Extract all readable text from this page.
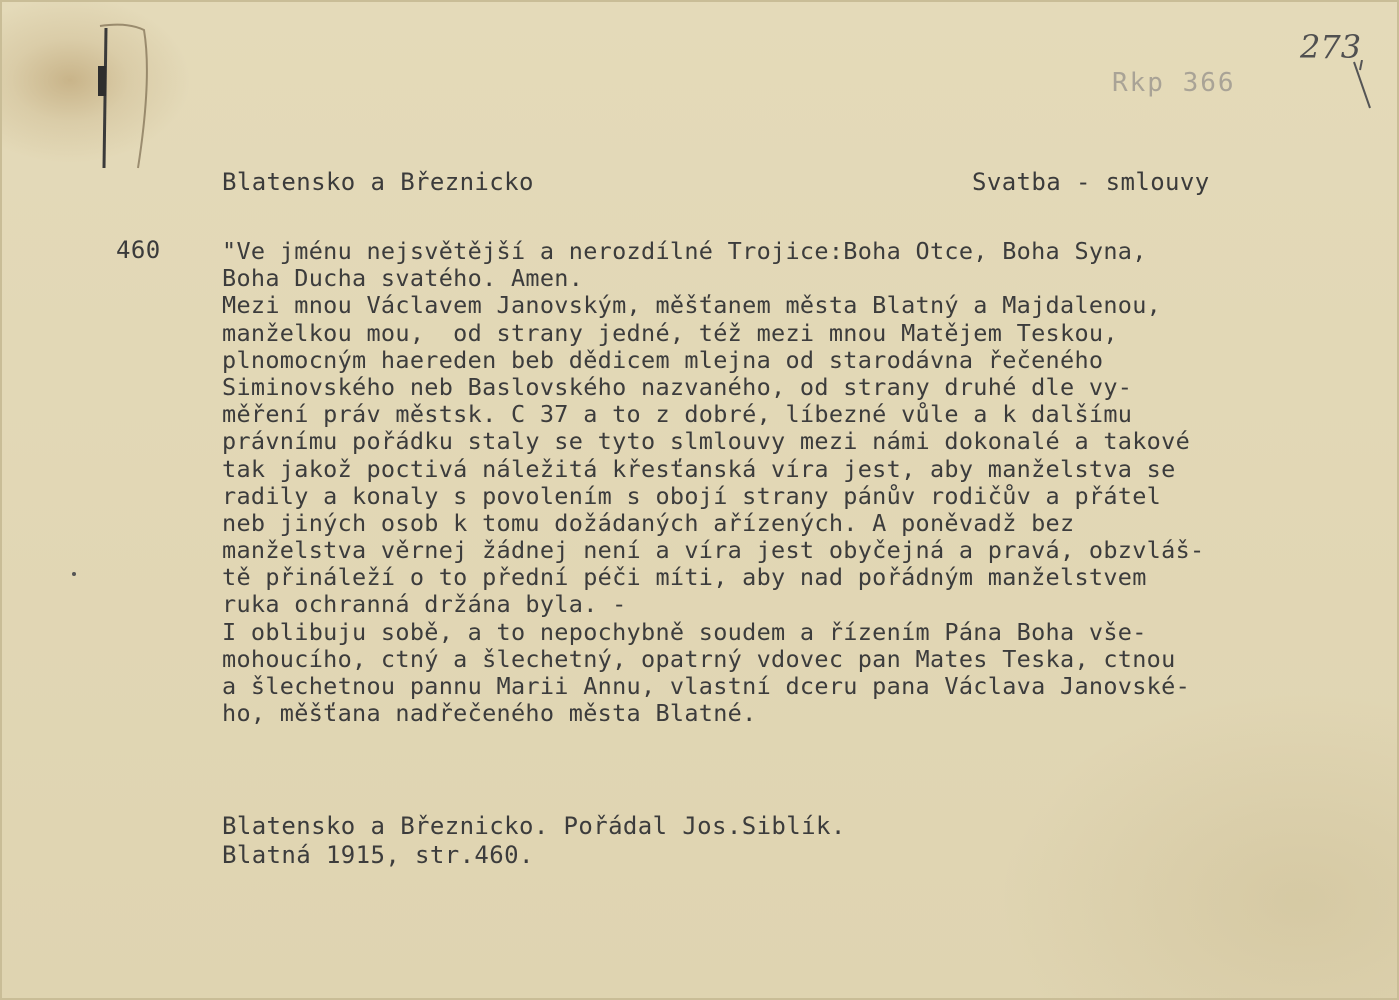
273
Rkp 366
Blatensko a Březnicko	Svatba - smlouvy
460	"Ve jménu nejsvětější a nerozdílné Trojice:Boha Otce, Boha Syna,
Boha Ducha svatého. Amen.
Mezi mnou Václavem Janovským, měšťanem města Blatný a Majdalenou,
manželkou mou,  od strany jedné, též mezi mnou Matějem Teskou,
plnomocným haereden beb dědicem mlejna od starodávna řečeného
Siminovského neb Baslovského nazvaného, od strany druhé dle vy-
měření práv městsk. C 37 a to z dobré, líbezné vůle a k dalšímu
právnímu pořádku staly se tyto slmlouvy mezi námi dokonalé a takové
tak jakož poctivá náležitá křesťanská víra jest, aby manželstva se
radily a konaly s povolením s obojí strany pánův rodičův a přátel
neb jiných osob k tomu dožádaných ařízených. A poněvadž bez
manželstva věrnej žádnej není a víra jest obyčejná a pravá, obzvláš-
tě přináleží o to přední péči míti, aby nad pořádným manželstvem
ruka ochranná držána byla. -
I oblibuju sobě, a to nepochybně soudem a řízením Pána Boha vše-
mohoucího, ctný a šlechetný, opatrný vdovec pan Mates Teska, ctnou
a šlechetnou pannu Marii Annu, vlastní dceru pana Václava Janovské-
ho, měšťana nadřečeného města Blatné.
Blatensko a Březnicko. Pořádal Jos.Siblík.
Blatná 1915, str.460.
